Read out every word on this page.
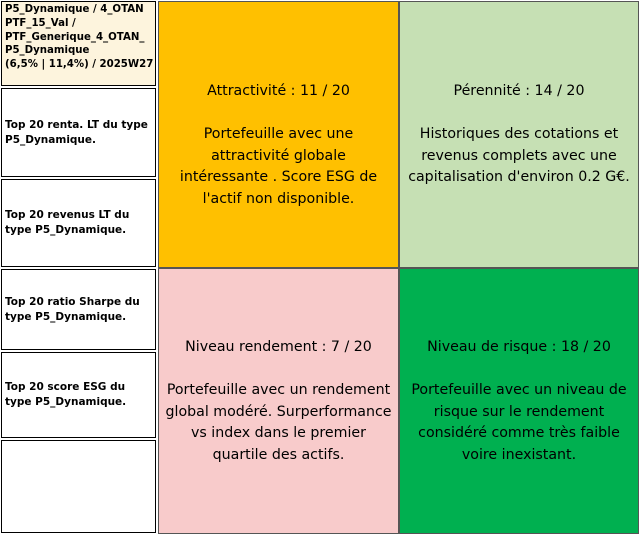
P5_Dynamique / 4_OTAN
PTF_15_Val /
PTF_Generique_4_OTAN_
P5_Dynamique
(6,5% | 11,4%) / 2025W27
Top 20 renta. LT du type P5_Dynamique.
Top 20 revenus LT du type P5_Dynamique.
Top 20 ratio Sharpe du type P5_Dynamique.
Top 20 score ESG du type P5_Dynamique.
Attractivité : 11 / 20
Portefeuille avec une attractivité globale intéressante . Score ESG de l'actif non disponible.
Pérennité : 14 / 20
Historiques des cotations et revenus complets avec une capitalisation d'environ 0.2 G€.
Niveau rendement : 7 / 20
Portefeuille avec un rendement global modéré. Surperformance vs index dans le premier quartile des actifs.
Niveau de risque : 18 / 20
Portefeuille avec un niveau de risque sur le rendement considéré comme très faible voire inexistant.
